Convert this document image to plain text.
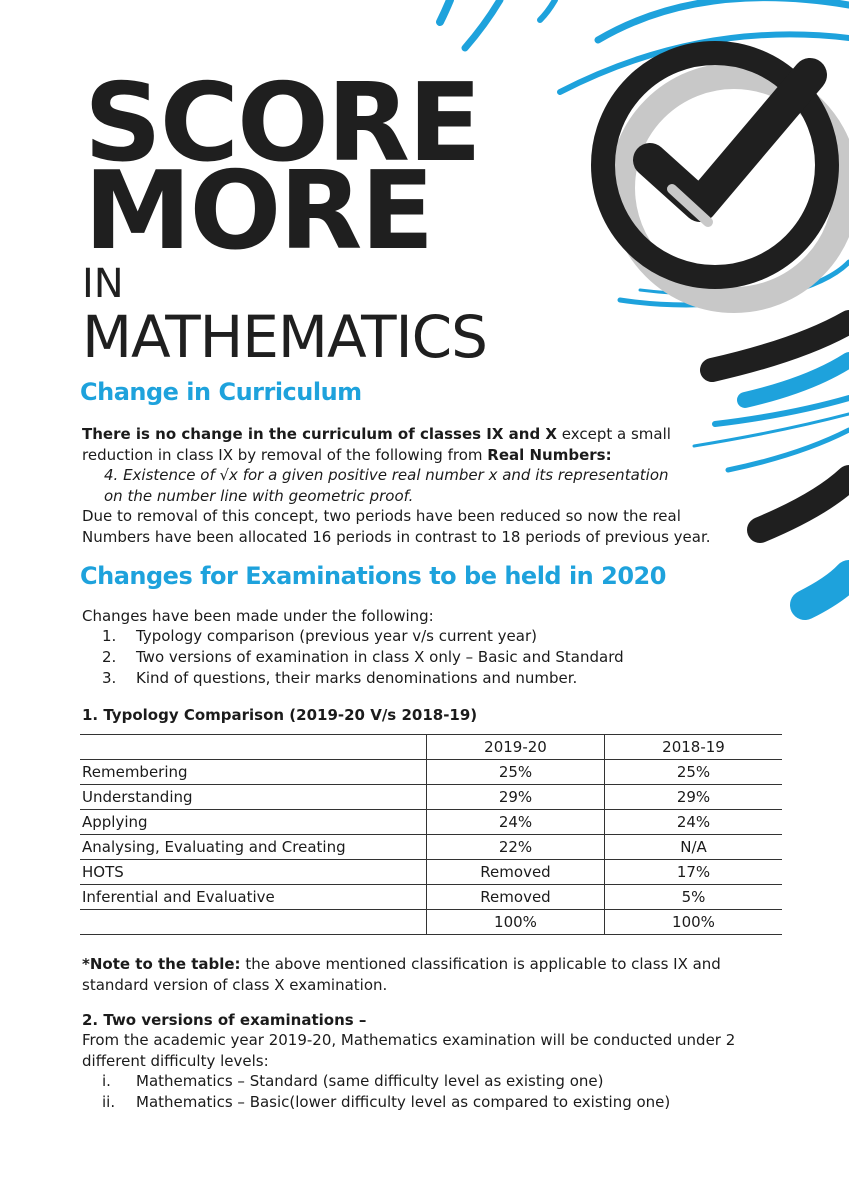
SCORE
MORE
IN
MATHEMATICS
Change in Curriculum
There is no change in the curriculum of classes IX and X except a small
reduction in class IX by removal of the following from Real Numbers:
4. Existence of √x for a given positive real number x and its representation
on the number line with geometric proof.
Due to removal of this concept, two periods have been reduced so now the real
Numbers have been allocated 16 periods in contrast to 18 periods of previous year.
Changes for Examinations to be held in 2020
Changes have been made under the following:
1. Typology comparison (previous year v/s current year)
2. Two versions of examination in class X only – Basic and Standard
3. Kind of questions, their marks denominations and number.
1. Typology Comparison (2019-20 V/s 2018-19)
	2019-20	2018-19
Remembering	25%	25%
Understanding	29%	29%
Applying	24%	24%
Analysing, Evaluating and Creating	22%	N/A
HOTS	Removed	17%
Inferential and Evaluative	Removed	5%
	100%	100%
*Note to the table: the above mentioned classification is applicable to class IX and
standard version of class X examination.
2. Two versions of examinations –
From the academic year 2019-20, Mathematics examination will be conducted under 2
different difficulty levels:
i. Mathematics – Standard (same difficulty level as existing one)
ii. Mathematics – Basic(lower difficulty level as compared to existing one)
